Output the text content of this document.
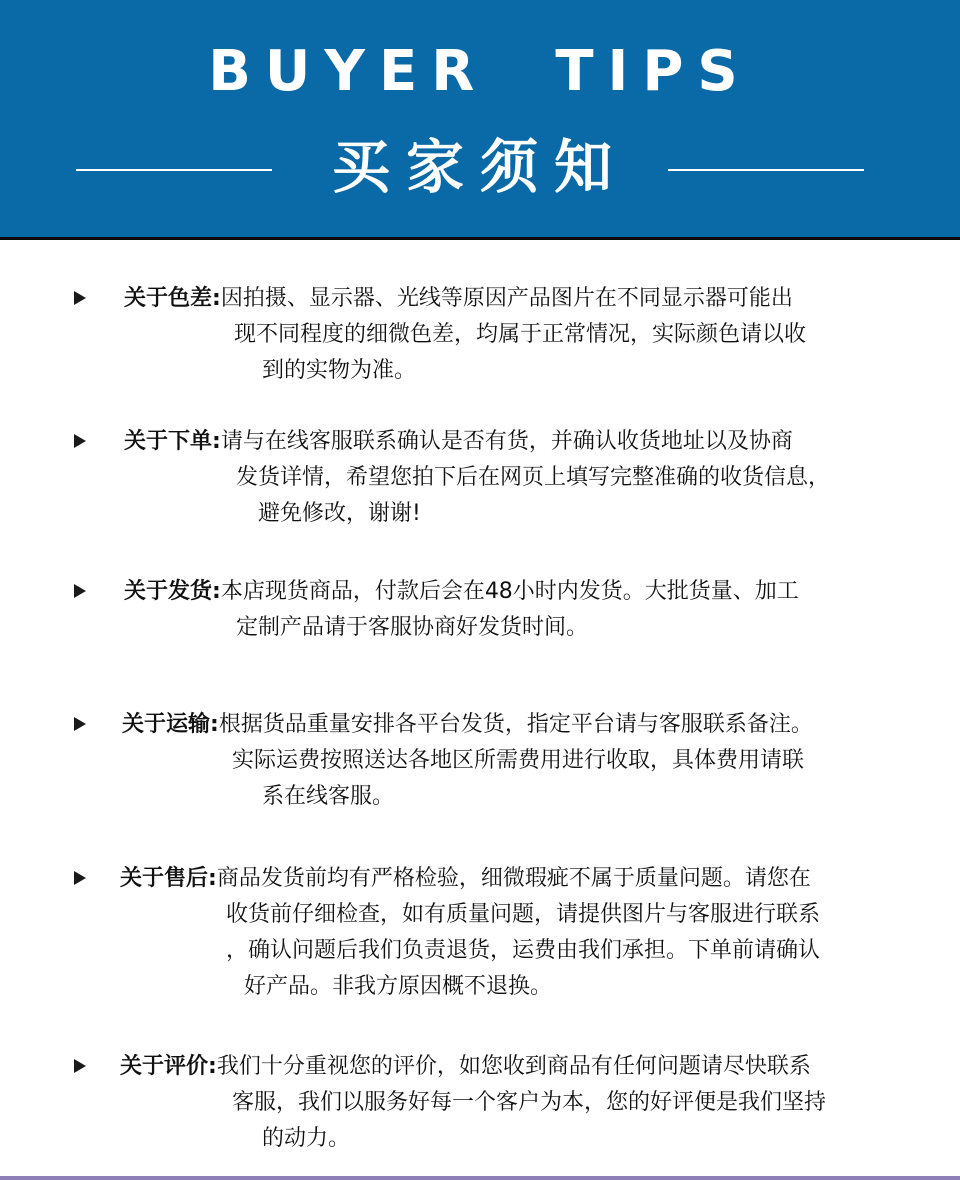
BUYER  TIPS
买家须知
关于色差:因拍摄、显示器、光线等原因产品图片在不同显示器可能出
现不同程度的细微色差，均属于正常情况，实际颜色请以收
到的实物为准。
关于下单:请与在线客服联系确认是否有货，并确认收货地址以及协商
发货详情，希望您拍下后在网页上填写完整准确的收货信息，
避免修改，谢谢!
关于发货:本店现货商品，付款后会在48小时内发货。大批货量、加工
定制产品请于客服协商好发货时间。
关于运输:根据货品重量安排各平台发货，指定平台请与客服联系备注。
实际运费按照送达各地区所需费用进行收取，具体费用请联
系在线客服。
关于售后:商品发货前均有严格检验，细微瑕疵不属于质量问题。请您在
收货前仔细检查，如有质量问题，请提供图片与客服进行联系
，确认问题后我们负责退货，运费由我们承担。下单前请确认
好产品。非我方原因概不退换。
关于评价:我们十分重视您的评价，如您收到商品有任何问题请尽快联系
客服，我们以服务好每一个客户为本，您的好评便是我们坚持
的动力。
